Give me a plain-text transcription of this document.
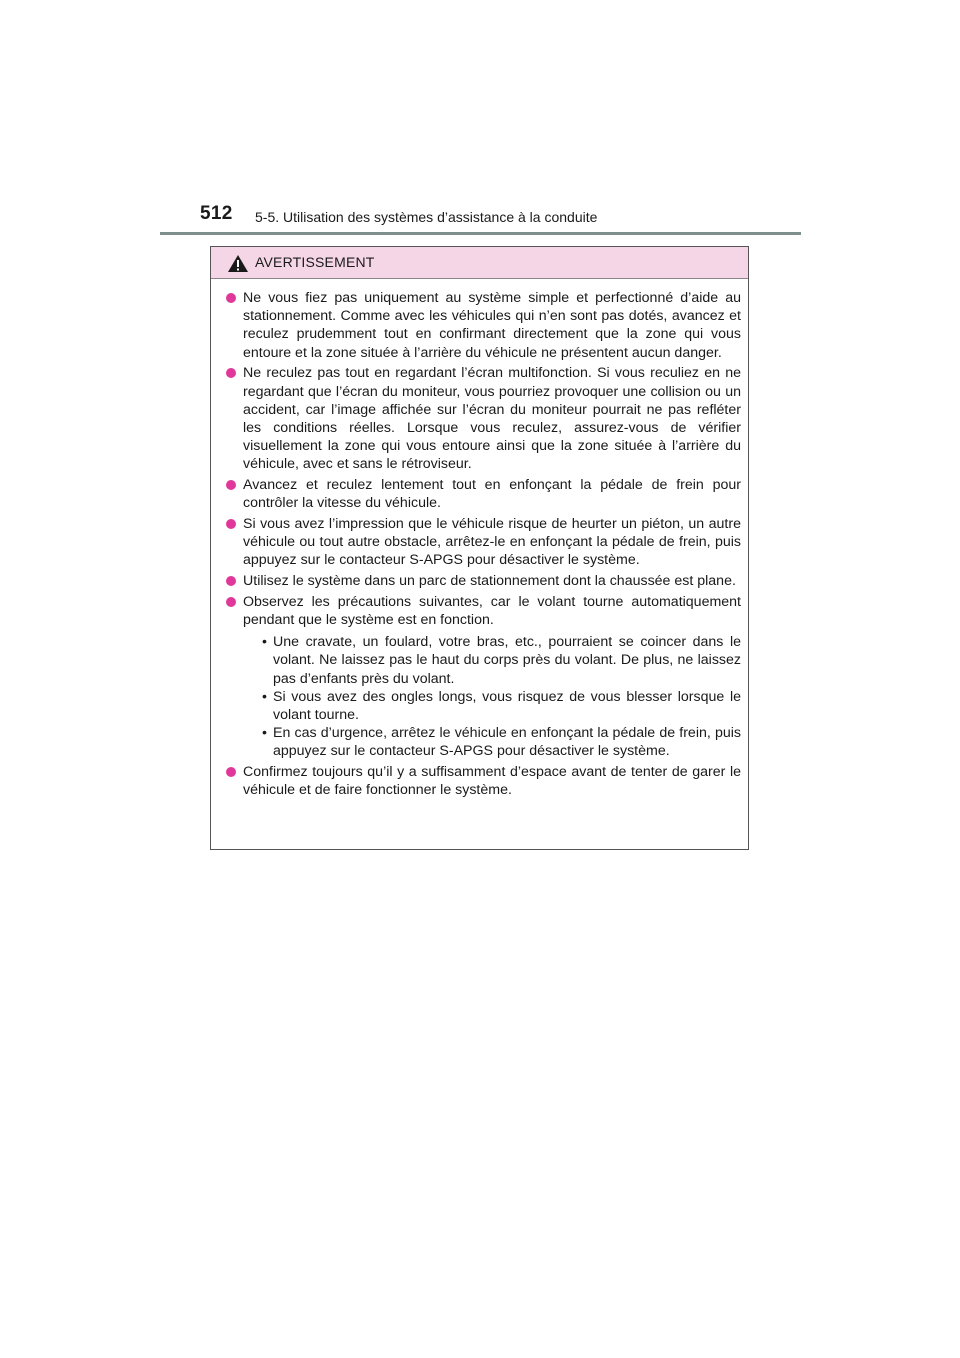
512 5-5. Utilisation des systèmes d’assistance à la conduite
AVERTISSEMENT
Ne vous fiez pas uniquement au système simple et perfectionné d’aide au stationnement. Comme avec les véhicules qui n’en sont pas dotés, avancez et reculez prudemment tout en confirmant directement que la zone qui vous entoure et la zone située à l’arrière du véhicule ne présentent aucun danger.
Ne reculez pas tout en regardant l’écran multifonction. Si vous reculiez en ne regardant que l’écran du moniteur, vous pourriez provoquer une collision ou un accident, car l’image affichée sur l’écran du moniteur pourrait ne pas refléter les conditions réelles. Lorsque vous reculez, assurez-vous de vérifier visuellement la zone qui vous entoure ainsi que la zone située à l’arrière du véhicule, avec et sans le rétroviseur.
Avancez et reculez lentement tout en enfonçant la pédale de frein pour contrôler la vitesse du véhicule.
Si vous avez l’impression que le véhicule risque de heurter un piéton, un autre véhicule ou tout autre obstacle, arrêtez-le en enfonçant la pédale de frein, puis appuyez sur le contacteur S-APGS pour désactiver le système.
Utilisez le système dans un parc de stationnement dont la chaussée est plane.
Observez les précautions suivantes, car le volant tourne automatiquement pendant que le système est en fonction.
• Une cravate, un foulard, votre bras, etc., pourraient se coincer dans le volant. Ne laissez pas le haut du corps près du volant. De plus, ne laissez pas d’enfants près du volant.
• Si vous avez des ongles longs, vous risquez de vous blesser lorsque le volant tourne.
• En cas d’urgence, arrêtez le véhicule en enfonçant la pédale de frein, puis appuyez sur le contacteur S-APGS pour désactiver le système.
Confirmez toujours qu’il y a suffisamment d’espace avant de tenter de garer le véhicule et de faire fonctionner le système.
